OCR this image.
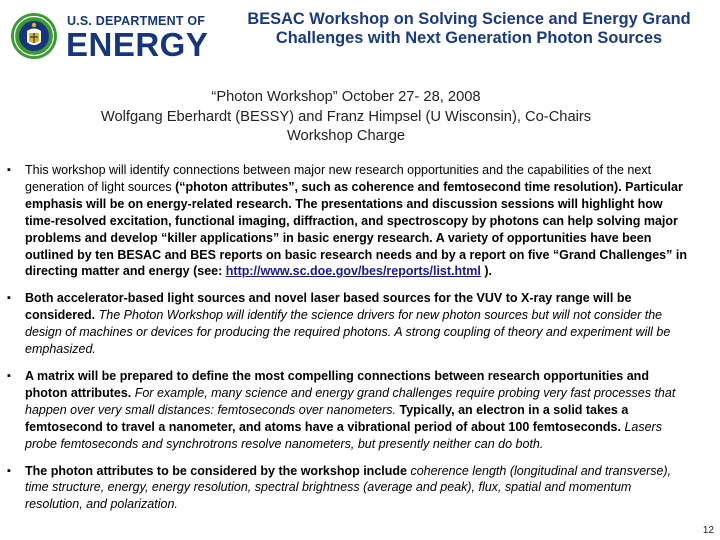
U.S. DEPARTMENT OF
ENERGY
BESAC Workshop on Solving Science and Energy Grand Challenges with Next Generation Photon Sources
“Photon Workshop” October 27- 28, 2008
Wolfgang Eberhardt (BESSY) and Franz Himpsel (U Wisconsin), Co-Chairs
Workshop Charge
▪ This workshop will identify connections between major new research opportunities and the capabilities of the next generation of light sources (“photon attributes”, such as coherence and femtosecond time resolution). Particular emphasis will be on energy-related research. The presentations and discussion sessions will highlight how time-resolved excitation, functional imaging, diffraction, and spectroscopy by photons can help solving major problems and develop “killer applications” in basic energy research. A variety of opportunities have been outlined by ten BESAC and BES reports on basic research needs and by a report on five “Grand Challenges” in directing matter and energy (see: http://www.sc.doe.gov/bes/reports/list.html ).
▪ Both accelerator-based light sources and novel laser based sources for the VUV to X-ray range will be considered. The Photon Workshop will identify the science drivers for new photon sources but will not consider the design of machines or devices for producing the required photons. A strong coupling of theory and experiment will be emphasized.
▪ A matrix will be prepared to define the most compelling connections between research opportunities and photon attributes. For example, many science and energy grand challenges require probing very fast processes that happen over very small distances: femtoseconds over nanometers. Typically, an electron in a solid takes a femtosecond to travel a nanometer, and atoms have a vibrational period of about 100 femtoseconds. Lasers probe femtoseconds and synchrotrons resolve nanometers, but presently neither can do both.
▪ The photon attributes to be considered by the workshop include coherence length (longitudinal and transverse), time structure, energy, energy resolution, spectral brightness (average and peak), flux, spatial and momentum resolution, and polarization.
12
